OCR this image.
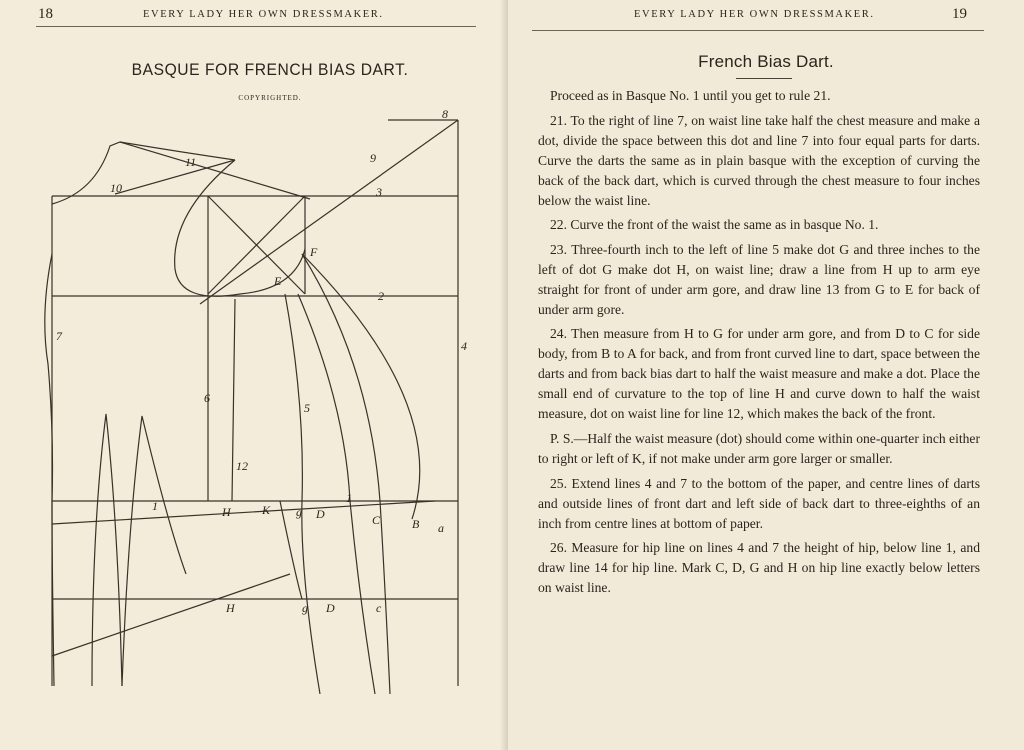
18	EVERY LADY HER OWN DRESSMAKER.
BASQUE FOR FRENCH BIAS DART.
COPYRIGHTED.
7
4
3
2
1
1
8
9
10
11
12
5
6
E
F
H	K g D	C	B a
H	g D	c
EVERY LADY HER OWN DRESSMAKER.	19
French Bias Dart.

Proceed as in Basque No. 1 until you get to rule 21.

21. To the right of line 7, on waist line take half the chest measure and make a dot, divide the space between this dot and line 7 into four equal parts for darts. Curve the darts the same as in plain basque with the exception of curving the back of the back dart, which is curved through the chest measure to four inches below the waist line.

22. Curve the front of the waist the same as in basque No. 1.

23. Three-fourth inch to the left of line 5 make dot G and three inches to the left of dot G make dot H, on waist line; draw a line from H up to arm eye straight for front of under arm gore, and draw line 13 from G to E for back of under arm gore.

24. Then measure from H to G for under arm gore, and from D to C for side body, from B to A for back, and from front curved line to dart, space between the darts and from back bias dart to half the waist measure and make a dot. Place the small end of curvature to the top of line H and curve down to half the waist measure, dot on waist line for line 12, which makes the back of the front.

P. S.—Half the waist measure (dot) should come within one-quarter inch either to right or left of K, if not make under arm gore larger or smaller.

25. Extend lines 4 and 7 to the bottom of the paper, and centre lines of darts and outside lines of front dart and left side of back dart to three-eighths of an inch from centre lines at bottom of paper.

26. Measure for hip line on lines 4 and 7 the height of hip, below line 1, and draw line 14 for hip line. Mark C, D, G and H on hip line exactly below letters on waist line.
